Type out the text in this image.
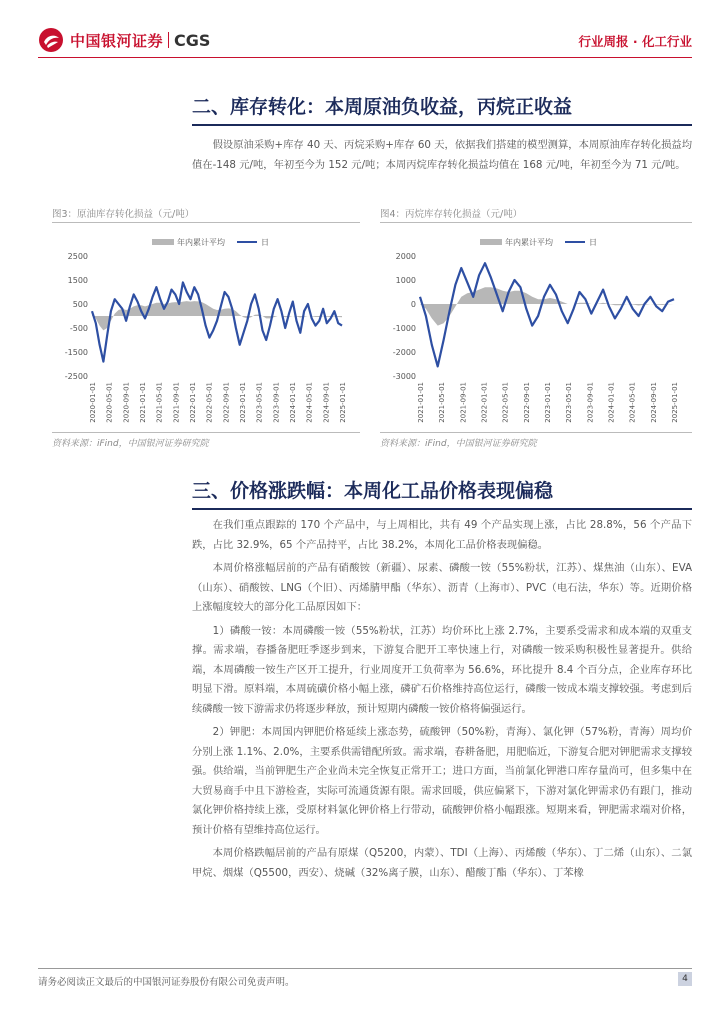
中国银河证券 CGS	行业周报 · 化工行业
二、库存转化：本周原油负收益，丙烷正收益

假设原油采购+库存 40 天、丙烷采购+库存 60 天，依据我们搭建的模型测算，本周原油库存转化损益均值在-148 元/吨，年初至今为 152 元/吨；本周丙烷库存转化损益均值在 168 元/吨，年初至今为 71 元/吨。

图3：原油库存转化损益（元/吨）
年内累计平均	日
2500
1500
500
-500
-1500
-2500
2020-01-01 2020-05-01 2020-09-01 2021-01-01 2021-05-01 2021-09-01 2022-01-01 2022-05-01 2022-09-01 2023-01-01 2023-05-01 2023-09-01 2024-01-01 2024-05-01 2024-09-01 2025-01-01
资料来源：iFind，中国银河证券研究院
图4：丙烷库存转化损益（元/吨）
年内累计平均	日
2000
1000
0
-1000
-2000
-3000
2021-01-01 2021-05-01 2021-09-01 2022-01-01 2022-05-01 2022-09-01 2023-01-01 2023-05-01 2023-09-01 2024-01-01 2024-05-01 2024-09-01 2025-01-01
资料来源：iFind，中国银河证券研究院
三、价格涨跌幅：本周化工品价格表现偏稳

在我们重点跟踪的 170 个产品中，与上周相比，共有 49 个产品实现上涨，占比 28.8%，56 个产品下跌，占比 32.9%，65 个产品持平，占比 38.2%，本周化工品价格表现偏稳。

本周价格涨幅居前的产品有硝酸铵（新疆）、尿素、磷酸一铵（55%粉状，江苏）、煤焦油（山东）、EVA（山东）、硝酸铵、LNG（个旧）、丙烯腈甲酯（华东）、沥青（上海市）、PVC（电石法，华东）等。近期价格上涨幅度较大的部分化工品原因如下：

1）磷酸一铵：本周磷酸一铵（55%粉状，江苏）均价环比上涨 2.7%，主要系受需求和成本端的双重支撑。需求端，春播备肥旺季逐步到来，下游复合肥开工率快速上行，对磷酸一铵采购积极性显著提升。供给端，本周磷酸一铵生产区开工提升，行业周度开工负荷率为 56.6%，环比提升 8.4 个百分点，企业库存环比明显下滑。原料端，本周硫磺价格小幅上涨，磷矿石价格维持高位运行，磷酸一铵成本端支撑较强。考虑到后续磷酸一铵下游需求仍将逐步释放，预计短期内磷酸一铵价格将偏强运行。

2）钾肥：本周国内钾肥价格延续上涨态势，硫酸钾（50%粉，青海）、氯化钾（57%粉，青海）周均价分别上涨 1.1%、2.0%，主要系供需错配所致。需求端，春耕备肥，用肥临近，下游复合肥对钾肥需求支撑较强。供给端，当前钾肥生产企业尚未完全恢复正常开工；进口方面，当前氯化钾港口库存量尚可，但多集中在大贸易商手中且下游检查，实际可流通货源有限。需求回暖，供应偏紧下，下游对氯化钾需求仍有跟门，推动氯化钾价格持续上涨，受原材料氯化钾价格上行带动，硫酸钾价格小幅跟涨。短期来看，钾肥需求端对价格，预计价格有望维持高位运行。

本周价格跌幅居前的产品有原煤（Q5200，内蒙）、TDI（上海）、丙烯酸（华东）、丁二烯（山东）、二氯甲烷、烟煤（Q5500，西安）、烧碱（32%离子膜，山东）、醋酸丁酯（华东）、丁苯橡

请务必阅读正文最后的中国银河证券股份有限公司免责声明。	4
